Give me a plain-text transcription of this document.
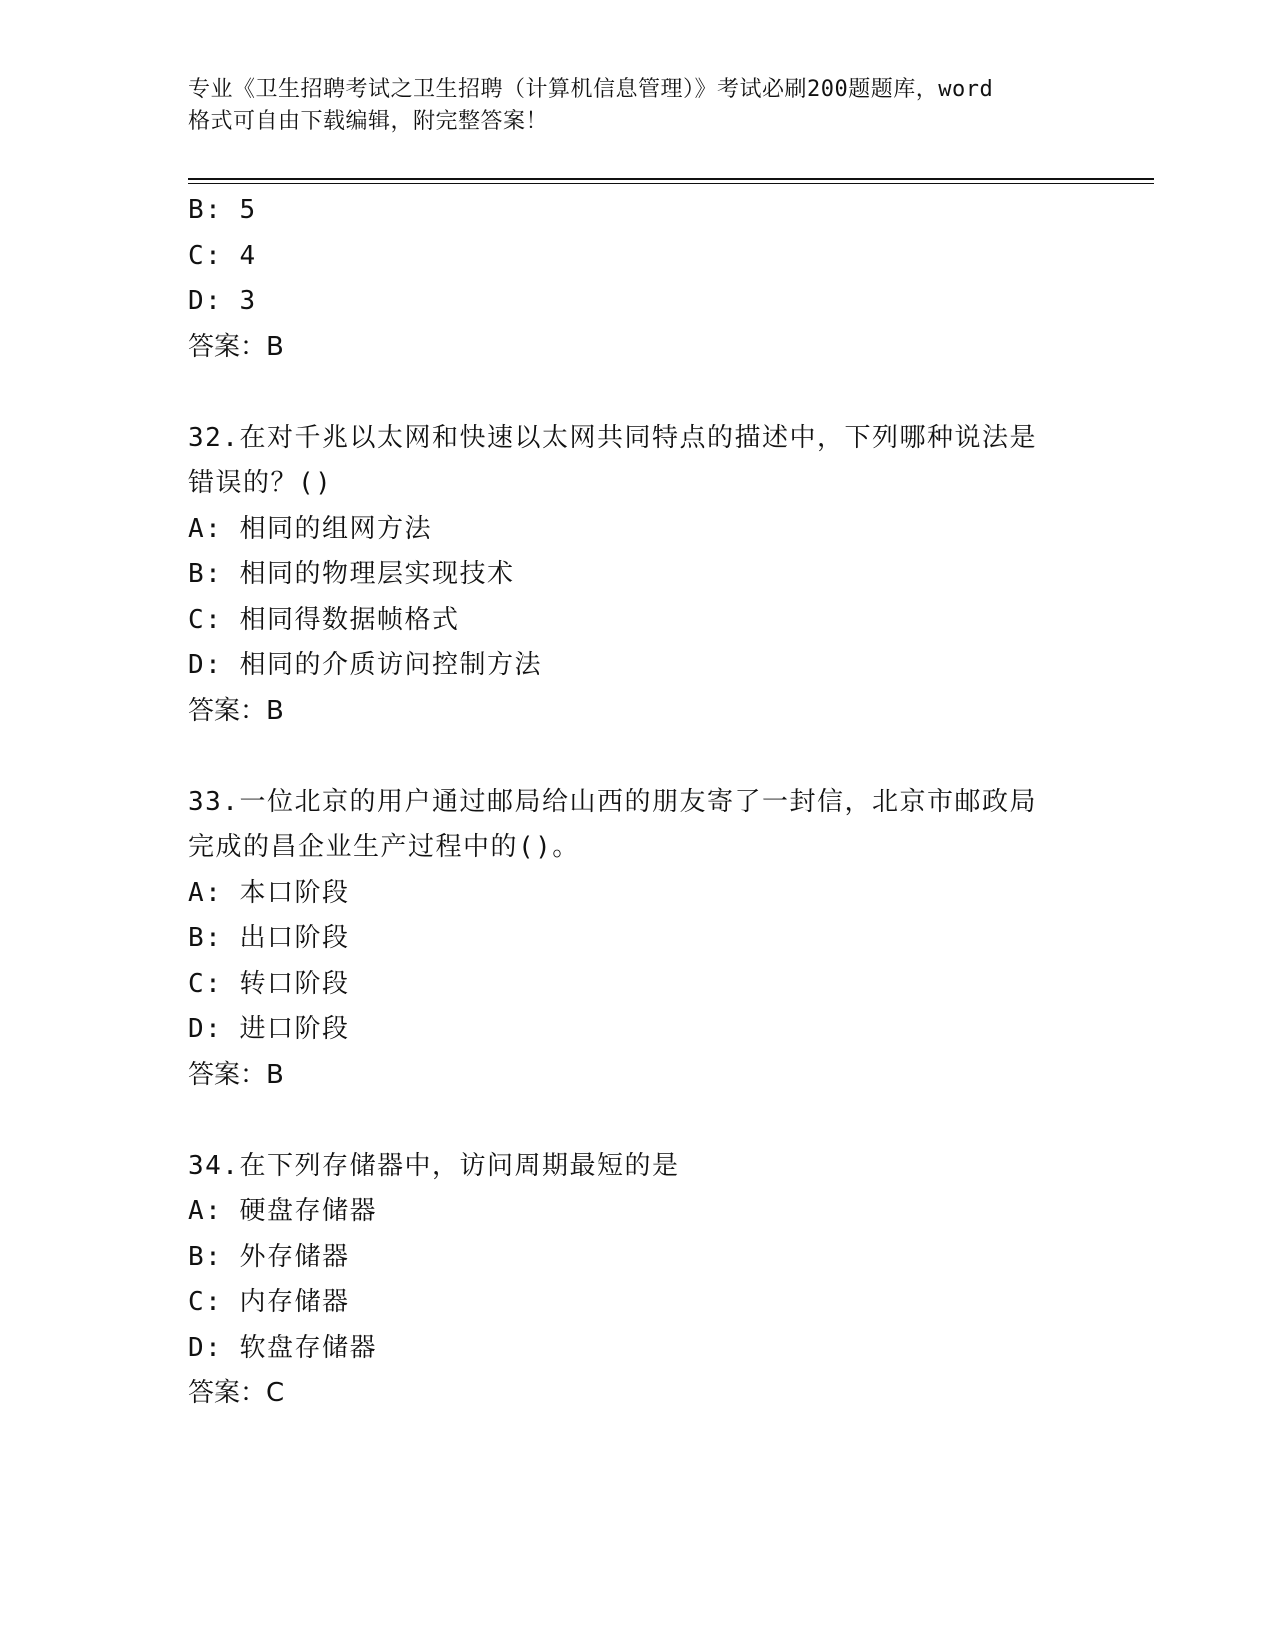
专业《卫生招聘考试之卫生招聘（计算机信息管理）》考试必刷200题题库，word
格式可自由下载编辑，附完整答案！
B: 5
C: 4
D: 3
答案：B
32.在对千兆以太网和快速以太网共同特点的描述中，下列哪种说法是
错误的？()
A: 相同的组网方法
B: 相同的物理层实现技术
C: 相同得数据帧格式
D: 相同的介质访问控制方法
答案：B
33.一位北京的用户通过邮局给山西的朋友寄了一封信，北京市邮政局
完成的昌企业生产过程中的()。
A: 本口阶段
B: 出口阶段
C: 转口阶段
D: 进口阶段
答案：B
34.在下列存储器中，访问周期最短的是
A: 硬盘存储器
B: 外存储器
C: 内存储器
D: 软盘存储器
答案：C
